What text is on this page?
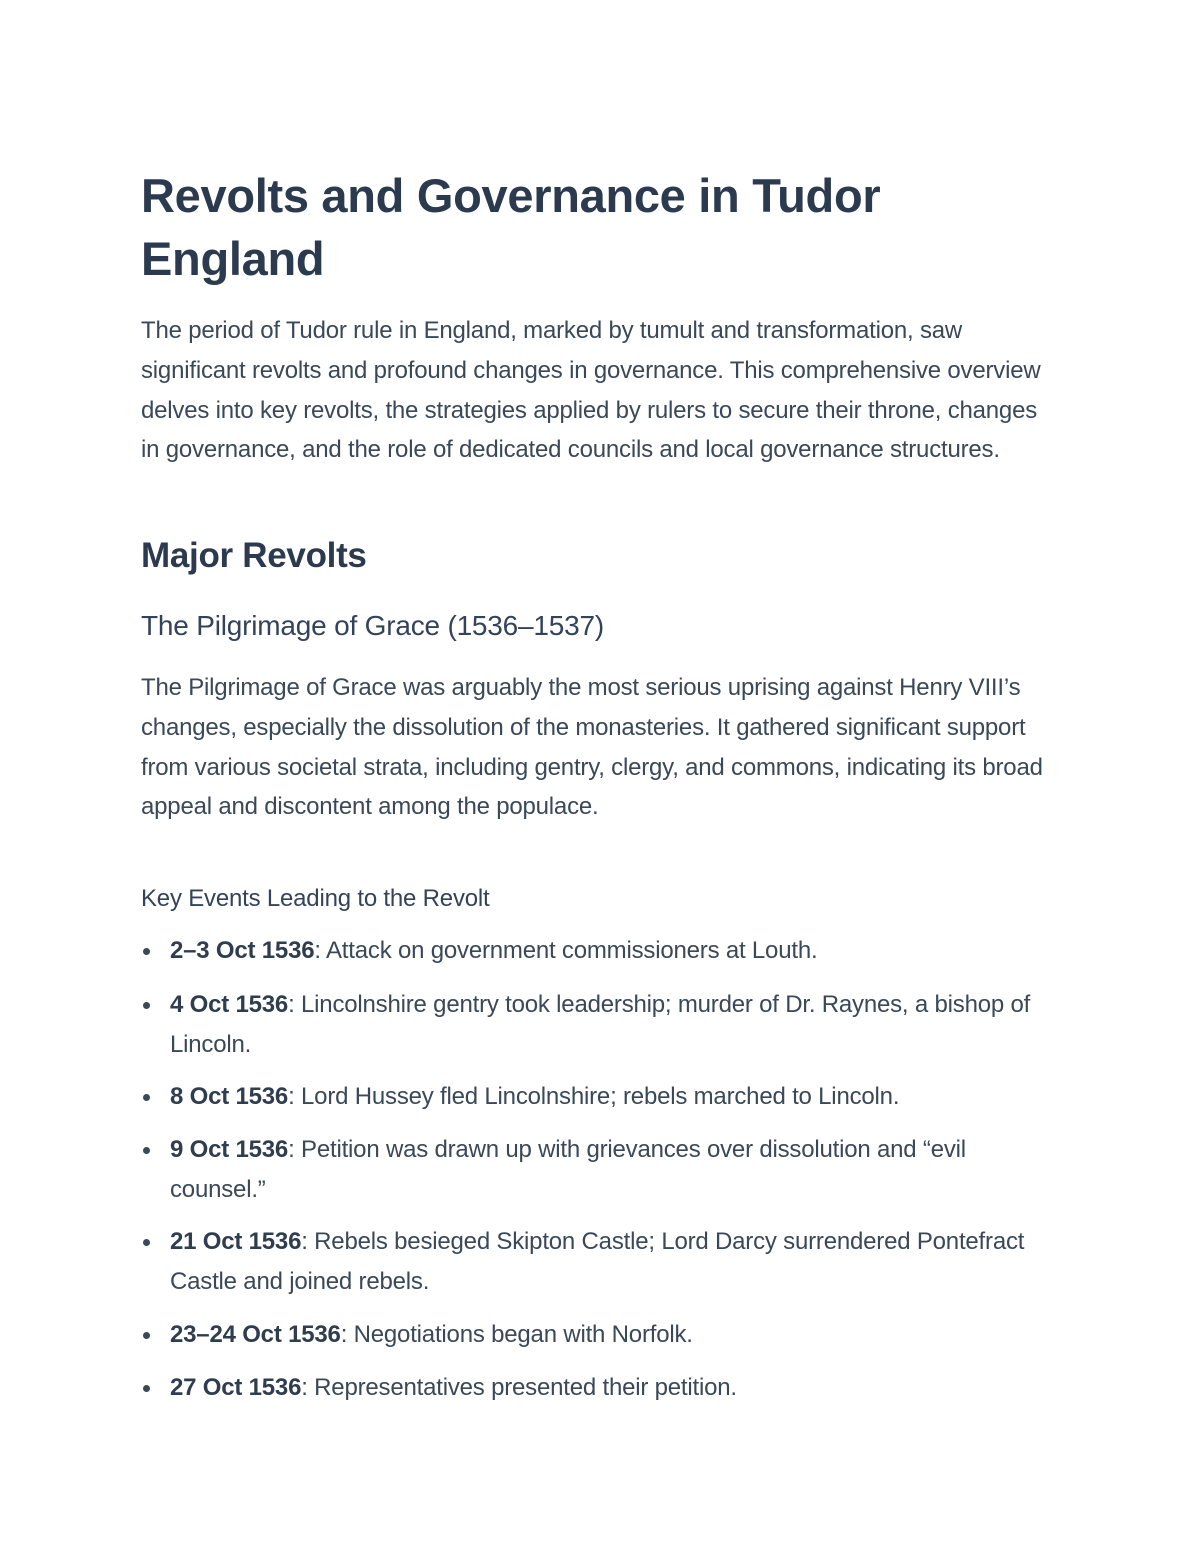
Revolts and Governance in Tudor England

The period of Tudor rule in England, marked by tumult and transformation, saw significant revolts and profound changes in governance. This comprehensive overview delves into key revolts, the strategies applied by rulers to secure their throne, changes in governance, and the role of dedicated councils and local governance structures.

Major Revolts
The Pilgrimage of Grace (1536–1537)

The Pilgrimage of Grace was arguably the most serious uprising against Henry VIII’s changes, especially the dissolution of the monasteries. It gathered significant support from various societal strata, including gentry, clergy, and commons, indicating its broad appeal and discontent among the populace.

Key Events Leading to the Revolt
2–3 Oct 1536: Attack on government commissioners at Louth.
4 Oct 1536: Lincolnshire gentry took leadership; murder of Dr. Raynes, a bishop of Lincoln.
8 Oct 1536: Lord Hussey fled Lincolnshire; rebels marched to Lincoln.
9 Oct 1536: Petition was drawn up with grievances over dissolution and “evil counsel.”
21 Oct 1536: Rebels besieged Skipton Castle; Lord Darcy surrendered Pontefract Castle and joined rebels.
23–24 Oct 1536: Negotiations began with Norfolk.
27 Oct 1536: Representatives presented their petition.
